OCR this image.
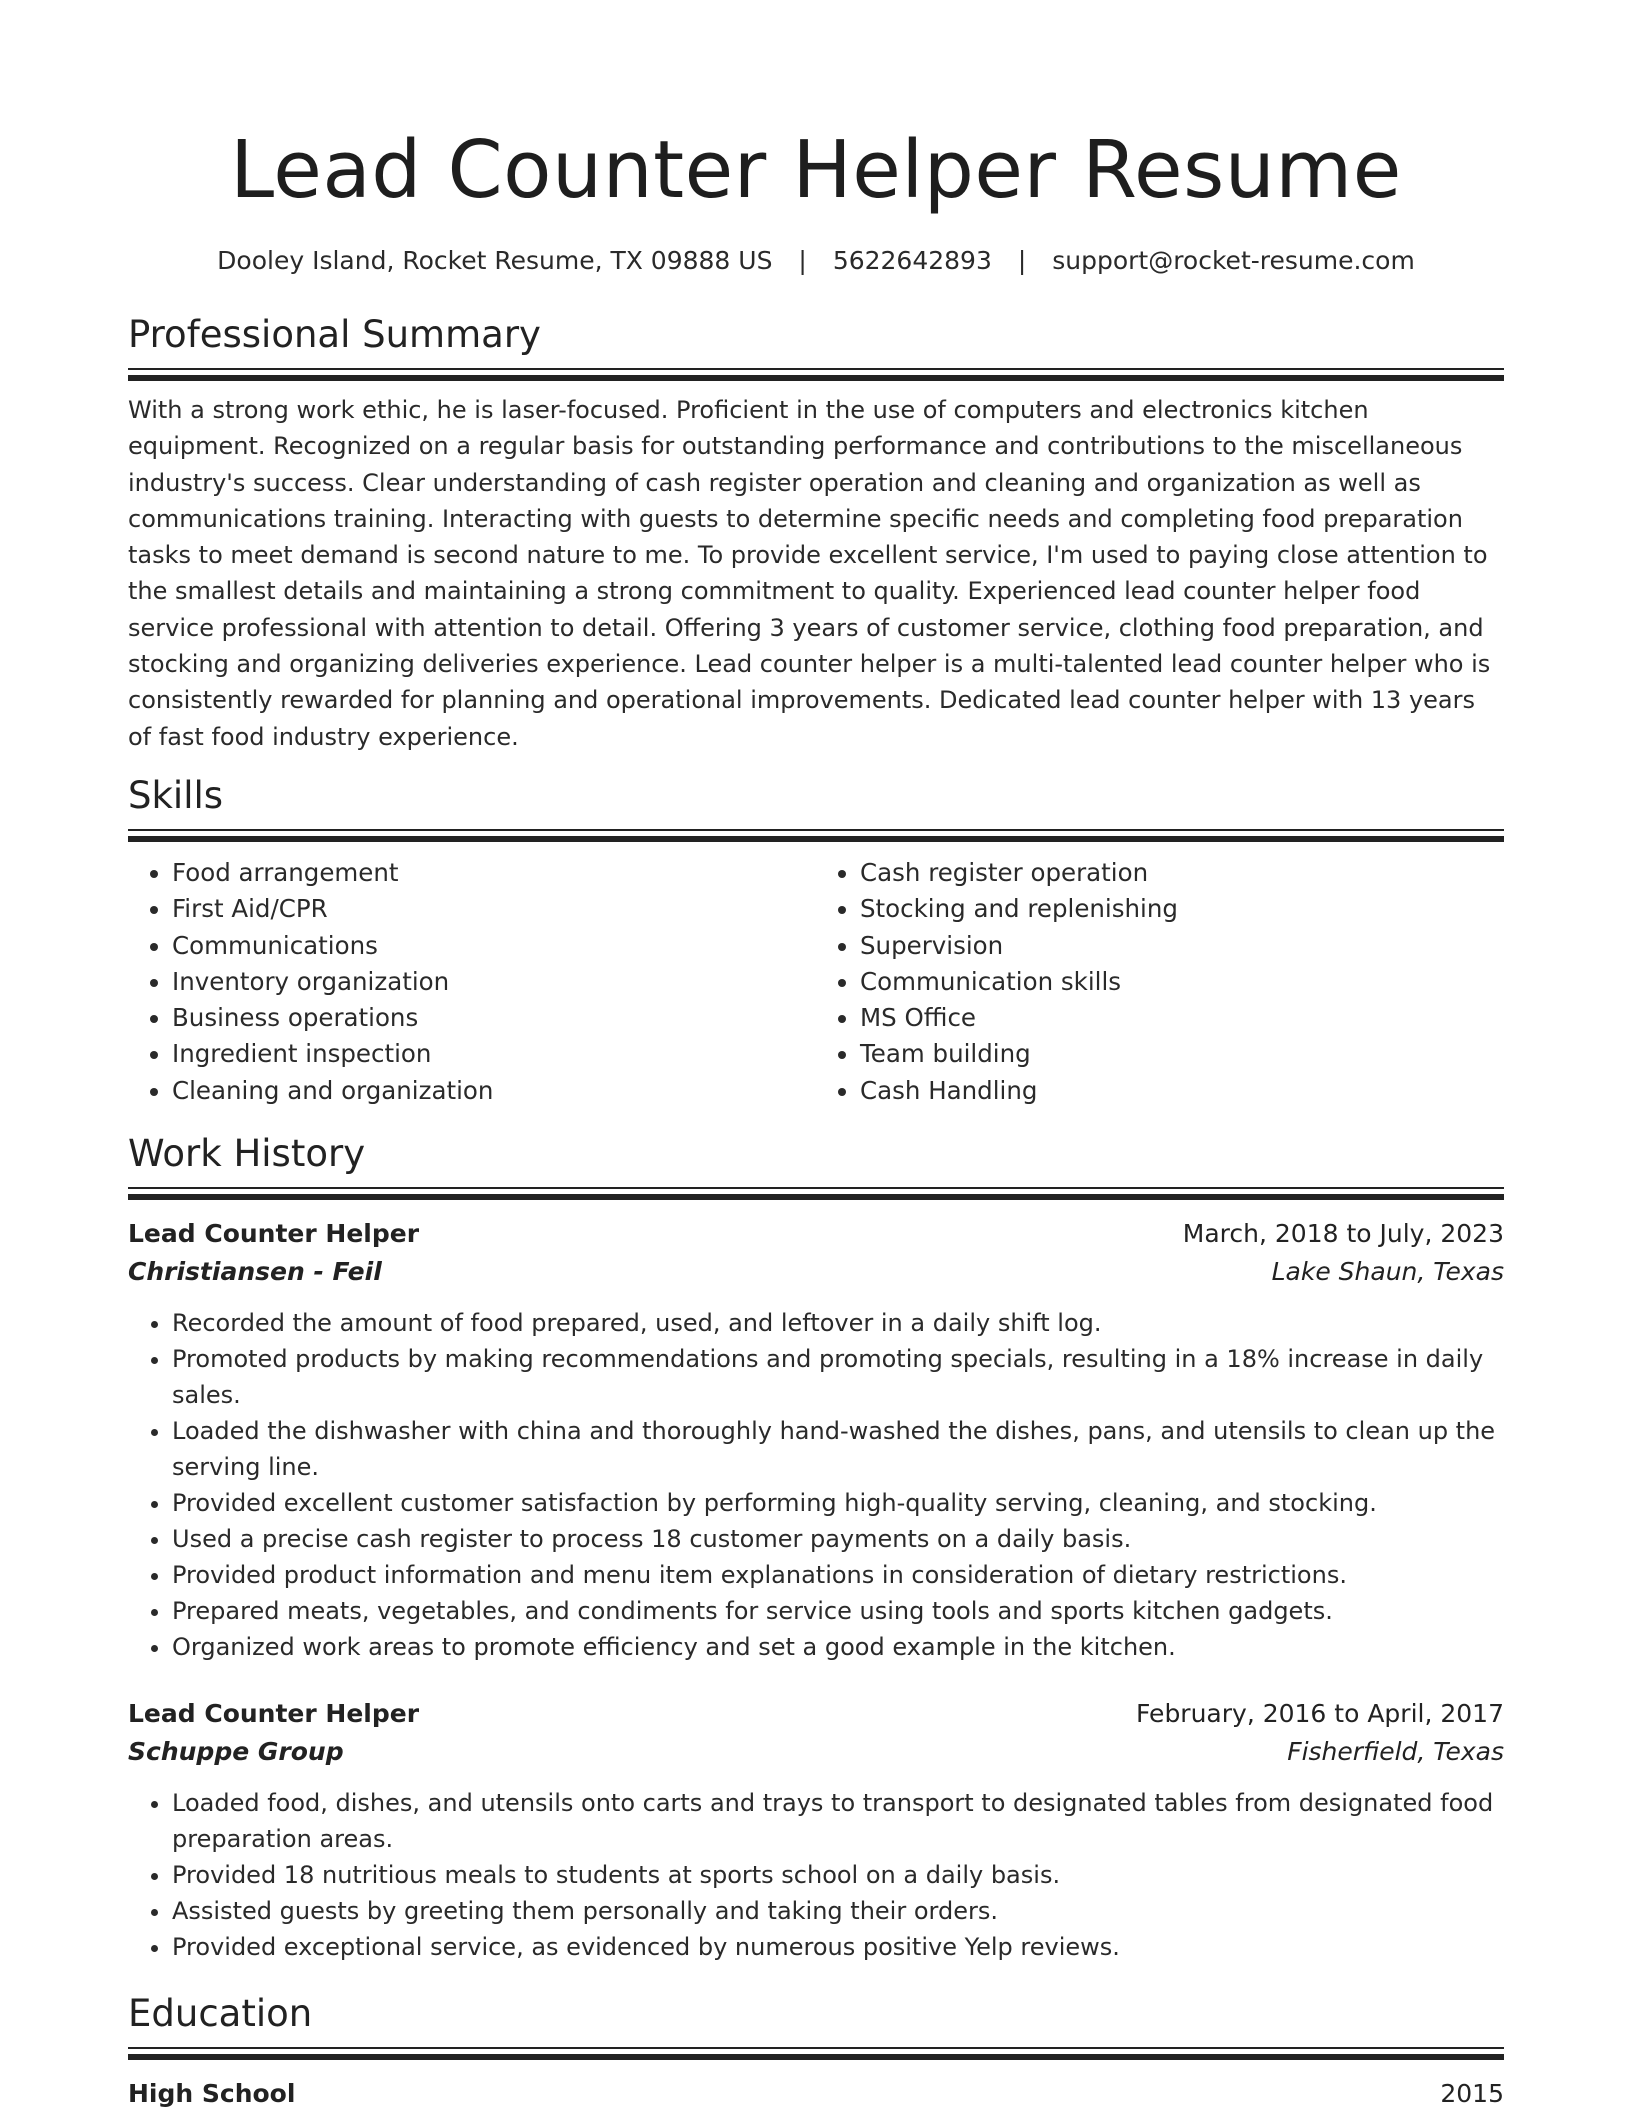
Lead Counter Helper Resume
Dooley Island, Rocket Resume, TX 09888 US | 5622642893 | support@rocket-resume.com
Professional Summary

With a strong work ethic, he is laser-focused. Proficient in the use of computers and electronics kitchen equipment. Recognized on a regular basis for outstanding performance and contributions to the miscellaneous industry's success. Clear understanding of cash register operation and cleaning and organization as well as communications training. Interacting with guests to determine specific needs and completing food preparation tasks to meet demand is second nature to me. To provide excellent service, I'm used to paying close attention to the smallest details and maintaining a strong commitment to quality. Experienced lead counter helper food service professional with attention to detail. Offering 3 years of customer service, clothing food preparation, and stocking and organizing deliveries experience. Lead counter helper is a multi-talented lead counter helper who is consistently rewarded for planning and operational improvements. Dedicated lead counter helper with 13 years of fast food industry experience.

Skills
• Food arrangement
• First Aid/CPR
• Communications
• Inventory organization
• Business operations
• Ingredient inspection
• Cleaning and organization
• Cash register operation
• Stocking and replenishing
• Supervision
• Communication skills
• MS Office
• Team building
• Cash Handling
Work History
Lead Counter Helper	March, 2018 to July, 2023
Christiansen - Feil	Lake Shaun, Texas
• Recorded the amount of food prepared, used, and leftover in a daily shift log.
• Promoted products by making recommendations and promoting specials, resulting in a 18% increase in daily sales.
• Loaded the dishwasher with china and thoroughly hand-washed the dishes, pans, and utensils to clean up the serving line.
• Provided excellent customer satisfaction by performing high-quality serving, cleaning, and stocking.
• Used a precise cash register to process 18 customer payments on a daily basis.
• Provided product information and menu item explanations in consideration of dietary restrictions.
• Prepared meats, vegetables, and condiments for service using tools and sports kitchen gadgets.
• Organized work areas to promote efficiency and set a good example in the kitchen.
Lead Counter Helper	February, 2016 to April, 2017
Schuppe Group	Fisherfield, Texas
• Loaded food, dishes, and utensils onto carts and trays to transport to designated tables from designated food preparation areas.
• Provided 18 nutritious meals to students at sports school on a daily basis.
• Assisted guests by greeting them personally and taking their orders.
• Provided exceptional service, as evidenced by numerous positive Yelp reviews.
Education
High School	2015
